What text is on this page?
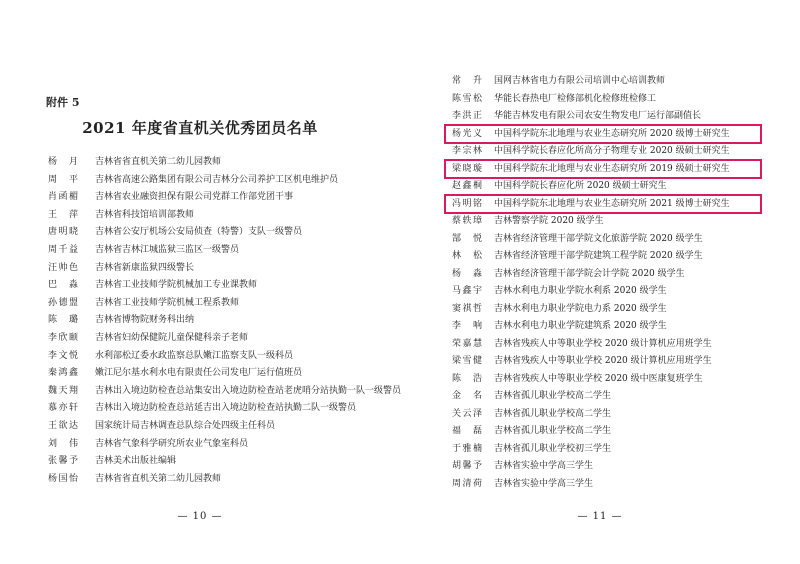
附件 5
2021 年度省直机关优秀团员名单
杨 月 吉林省省直机关第二幼儿园教师
周 平 吉林省高速公路集团有限公司吉林分公司养护工区机电维护员
肖函楣 吉林省农业融资担保有限公司党群工作部党团干事
王 萍 吉林省科技馆培训部教师
唐明晓 吉林省公安厅机场公安局侦查（特警）支队一级警员
周千益 吉林省吉林江城监狱三监区一级警员
汪帅色 吉林省新康监狱四级警长
巴 淼 吉林省工业技师学院机械加工专业课教师
孙德盟 吉林省工业技师学院机械工程系教师
陈 璐 吉林省博物院财务科出纳
李欣颐 吉林省妇幼保健院儿童保健科亲子老师
李文悦 水利部松辽委水政监察总队嫩江监察支队一级科员
秦鸿鑫 嫩江尼尔基水利水电有限责任公司发电厂运行值班员
魏天翔 吉林出入境边防检查总站集安出入境边防检查站老虎哨分站执勤一队一级警员
慕亦轩 吉林出入境边防检查总站延吉出入境边防检查站执勤二队一级警员
王欲达 国家统计局吉林调查总队综合处四级主任科员
刘 伟 吉林省气象科学研究所农业气象室科员
张馨予 吉林美术出版社编辑
杨国怡 吉林省省直机关第二幼儿园教师
— 10 —
常 升 国网吉林省电力有限公司培训中心培训教师
陈雪松 华能长春热电厂检修部机化检修班检修工
李洪正 华能吉林发电有限公司农安生物发电厂运行部副值长
杨光义 中国科学院东北地理与农业生态研究所 2020 级博士研究生
李宗林 中国科学院长春应化所高分子物理专业 2020 级硕士研究生
梁晓璇 中国科学院东北地理与农业生态研究所 2019 级硕士研究生
赵鑫桐 中国科学院长春应化所 2020 级硕士研究生
冯明铭 中国科学院东北地理与农业生态研究所 2021 级博士研究生
蔡轶璋 吉林警察学院 2020 级学生
郜 悦 吉林省经济管理干部学院文化旅游学院 2020 级学生
林 松 吉林省经济管理干部学院建筑工程学院 2020 级学生
杨 淼 吉林省经济管理干部学院会计学院 2020 级学生
马鑫宇 吉林水利电力职业学院水利系 2020 级学生
窦祺哲 吉林水利电力职业学院电力系 2020 级学生
李 响 吉林水利电力职业学院建筑系 2020 级学生
荣嘉慧 吉林省残疾人中等职业学校 2020 级计算机应用班学生
梁雪健 吉林省残疾人中等职业学校 2020 级计算机应用班学生
陈 浩 吉林省残疾人中等职业学校 2020 级中医康复班学生
金 名 吉林省孤儿职业学校高二学生
关云泽 吉林省孤儿职业学校高二学生
福 磊 吉林省孤儿职业学校高二学生
于雅楠 吉林省孤儿职业学校初三学生
胡馨予 吉林省实验中学高三学生
周清荷 吉林省实验中学高三学生
— 11 —
